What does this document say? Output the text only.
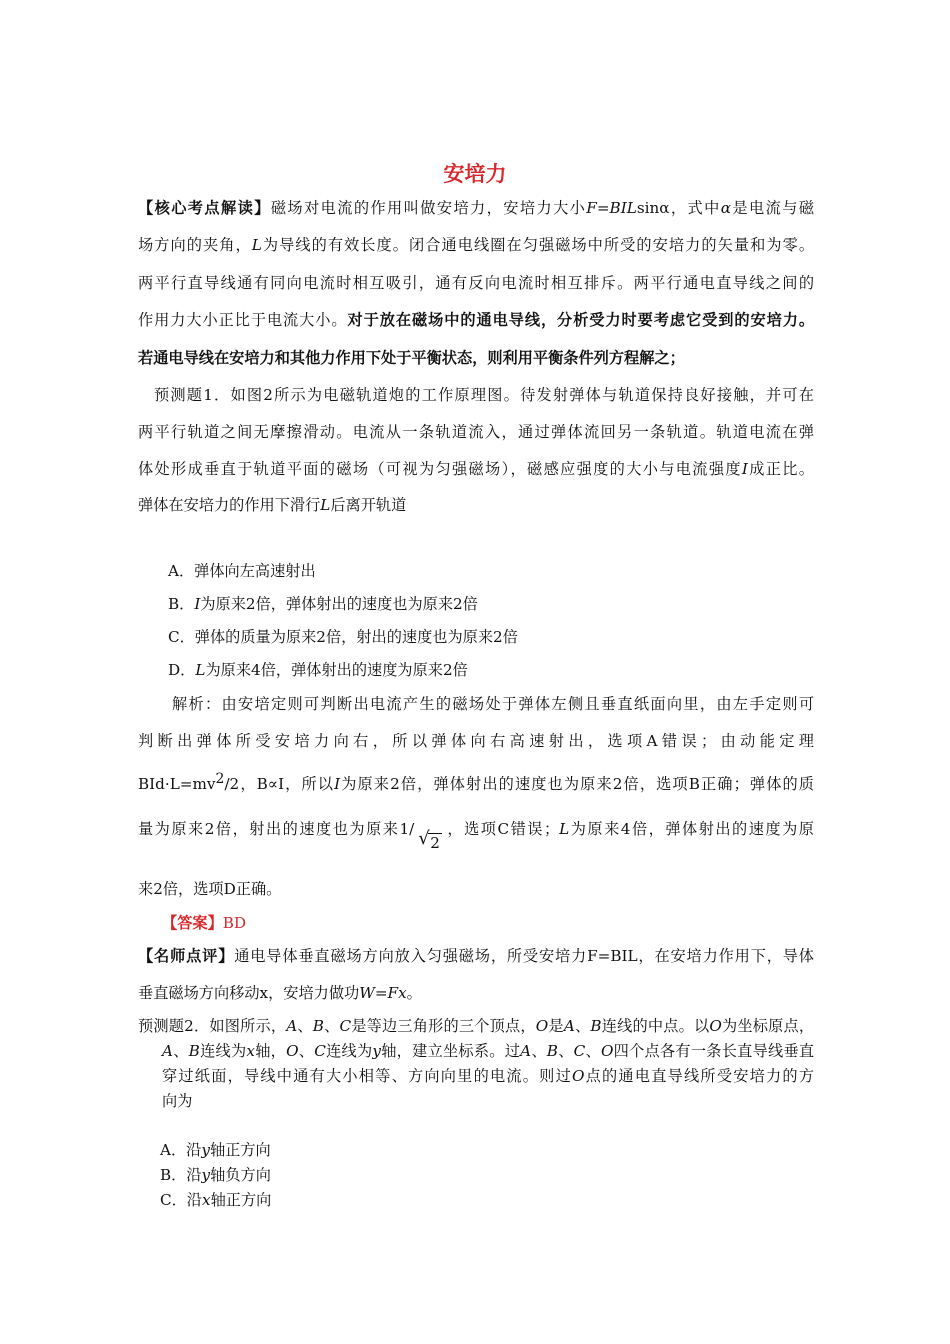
安培力
【核心考点解读】磁场对电流的作用叫做安培力，安培力大小F=BILsinα，式中α是电流与磁
场方向的夹角，L为导线的有效长度。闭合通电线圈在匀强磁场中所受的安培力的矢量和为零。
两平行直导线通有同向电流时相互吸引，通有反向电流时相互排斥。两平行通电直导线之间的
作用力大小正比于电流大小。对于放在磁场中的通电导线，分析受力时要考虑它受到的安培力。
若通电导线在安培力和其他力作用下处于平衡状态，则利用平衡条件列方程解之；
预测题1．如图2所示为电磁轨道炮的工作原理图。待发射弹体与轨道保持良好接触，并可在
两平行轨道之间无摩擦滑动。电流从一条轨道流入，通过弹体流回另一条轨道。轨道电流在弹
体处形成垂直于轨道平面的磁场（可视为匀强磁场），磁感应强度的大小与电流强度I成正比。
弹体在安培力的作用下滑行L后离开轨道
A．弹体向左高速射出
B．I为原来2倍，弹体射出的速度也为原来2倍
C．弹体的质量为原来2倍，射出的速度也为原来2倍
D．L为原来4倍，弹体射出的速度为原来2倍
解析：由安培定则可判断出电流产生的磁场处于弹体左侧且垂直纸面向里，由左手定则可
判断出弹体所受安培力向右，所以弹体向右高速射出，选项A错误；由动能定理
$BId\cdot L=mv^2/2$，B∝I，所以I为原来2倍，弹体射出的速度也为原来2倍，选项B正确；弹体的质
量为原来2倍，射出的速度也为原来1/ √ 2，选项C错误；L为原来4倍，弹体射出的速度为原
来2倍，选项D正确。
【答案】BD
【名师点评】通电导体垂直磁场方向放入匀强磁场，所受安培力F=BIL，在安培力作用下，导体
垂直磁场方向移动x，安培力做功W=Fx。
预测题2．如图所示，A、B、C是等边三角形的三个顶点，O是A、B连线的中点。以O为坐标原点，
A、B连线为x轴，O、C连线为y轴，建立坐标系。过A、B、C、O四个点各有一条长直导线垂直
穿过纸面，导线中通有大小相等、方向向里的电流。则过O点的通电直导线所受安培力的方
向为
A．沿y轴正方向
B．沿y轴负方向
C．沿x轴正方向
